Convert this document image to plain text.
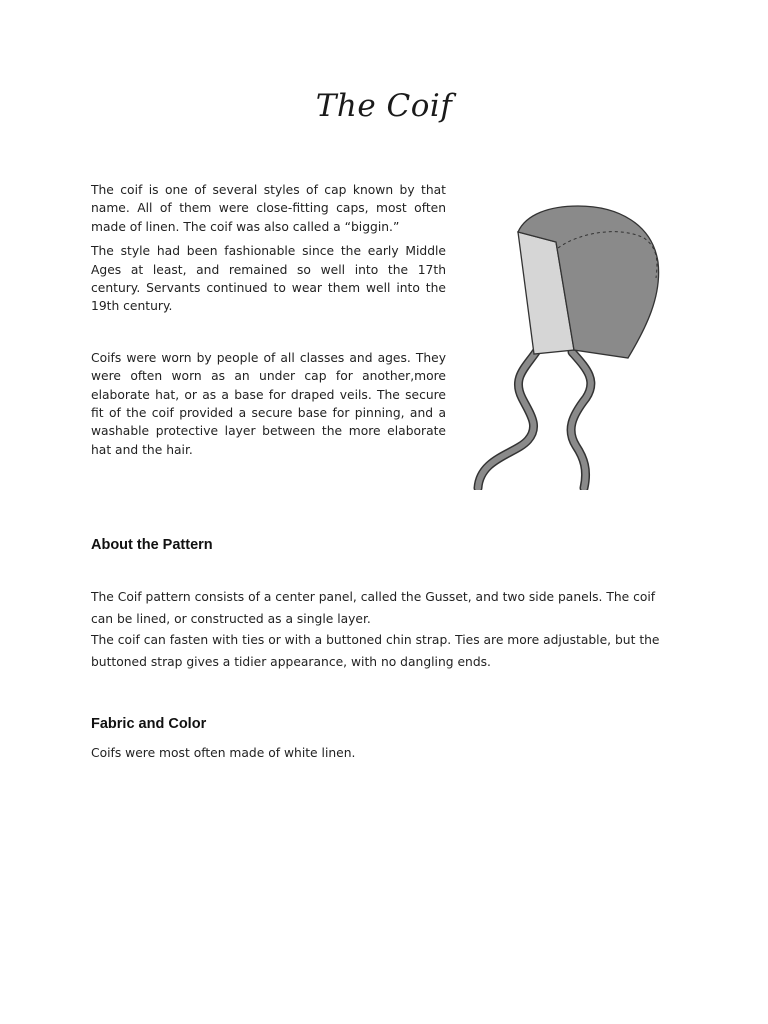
The Coif

The coif is one of several styles of cap known by that name. All of them were close-fitting caps, most often made of linen. The coif was also called a “biggin.”

The style had been fashionable since the early Middle Ages at least, and remained so well into the 17th century. Servants continued to wear them well into the 19th century.

Coifs were worn by people of all classes and ages. They were often worn as an under cap for another,more elaborate hat, or as a base for draped veils. The secure fit of the coif provided a secure base for pinning, and a washable protective layer between the more elaborate hat and the hair.

About the Pattern

The Coif pattern consists of a center panel, called the Gusset, and two side panels. The coif can be lined, or constructed as a single layer.

The coif can fasten with ties or with a buttoned chin strap. Ties are more adjustable, but the buttoned strap gives a tidier appearance, with no dangling ends.

Fabric and Color

Coifs were most often made of white linen.
